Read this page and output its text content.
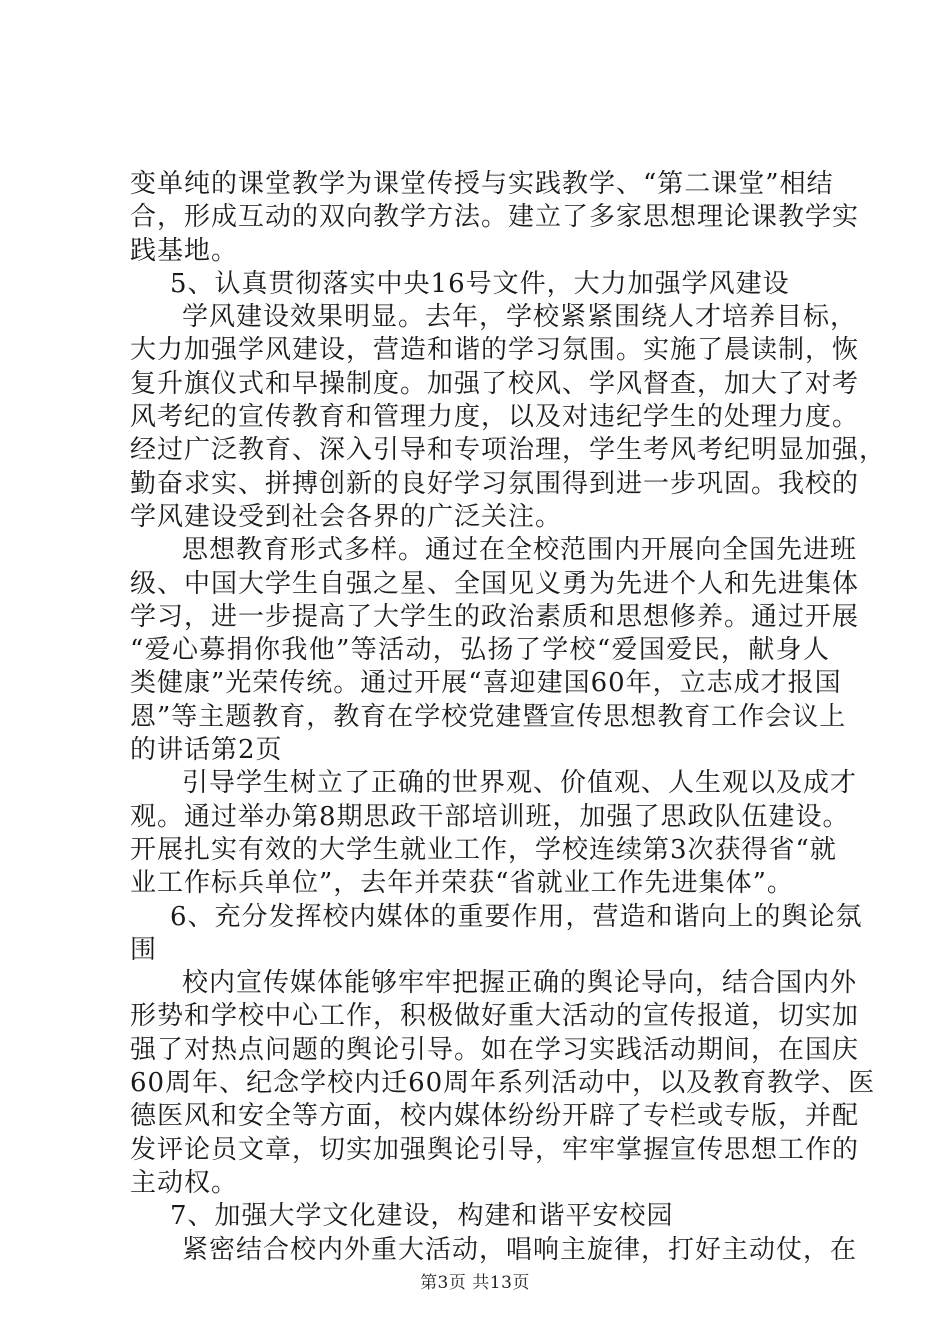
变单纯的课堂教学为课堂传授与实践教学、“第二课堂”相结
合，形成互动的双向教学方法。建立了多家思想理论课教学实
践基地。
5、认真贯彻落实中央16号文件，大力加强学风建设
学风建设效果明显。去年，学校紧紧围绕人才培养目标，
大力加强学风建设，营造和谐的学习氛围。实施了晨读制，恢
复升旗仪式和早操制度。加强了校风、学风督查，加大了对考
风考纪的宣传教育和管理力度，以及对违纪学生的处理力度。
经过广泛教育、深入引导和专项治理，学生考风考纪明显加强，
勤奋求实、拼搏创新的良好学习氛围得到进一步巩固。我校的
学风建设受到社会各界的广泛关注。
思想教育形式多样。通过在全校范围内开展向全国先进班
级、中国大学生自强之星、全国见义勇为先进个人和先进集体
学习，进一步提高了大学生的政治素质和思想修养。通过开展
“爱心募捐你我他”等活动，弘扬了学校“爱国爱民，献身人
类健康”光荣传统。通过开展“喜迎建国60年，立志成才报国
恩”等主题教育，教育在学校党建暨宣传思想教育工作会议上
的讲话第2页
引导学生树立了正确的世界观、价值观、人生观以及成才
观。通过举办第8期思政干部培训班，加强了思政队伍建设。
开展扎实有效的大学生就业工作，学校连续第3次获得省“就
业工作标兵单位”，去年并荣获“省就业工作先进集体”。
6、充分发挥校内媒体的重要作用，营造和谐向上的舆论氛
围
校内宣传媒体能够牢牢把握正确的舆论导向，结合国内外
形势和学校中心工作，积极做好重大活动的宣传报道，切实加
强了对热点问题的舆论引导。如在学习实践活动期间，在国庆
60周年、纪念学校内迁60周年系列活动中，以及教育教学、医
德医风和安全等方面，校内媒体纷纷开辟了专栏或专版，并配
发评论员文章，切实加强舆论引导，牢牢掌握宣传思想工作的
主动权。
7、加强大学文化建设，构建和谐平安校园
紧密结合校内外重大活动，唱响主旋律，打好主动仗，在
第3页 共13页
